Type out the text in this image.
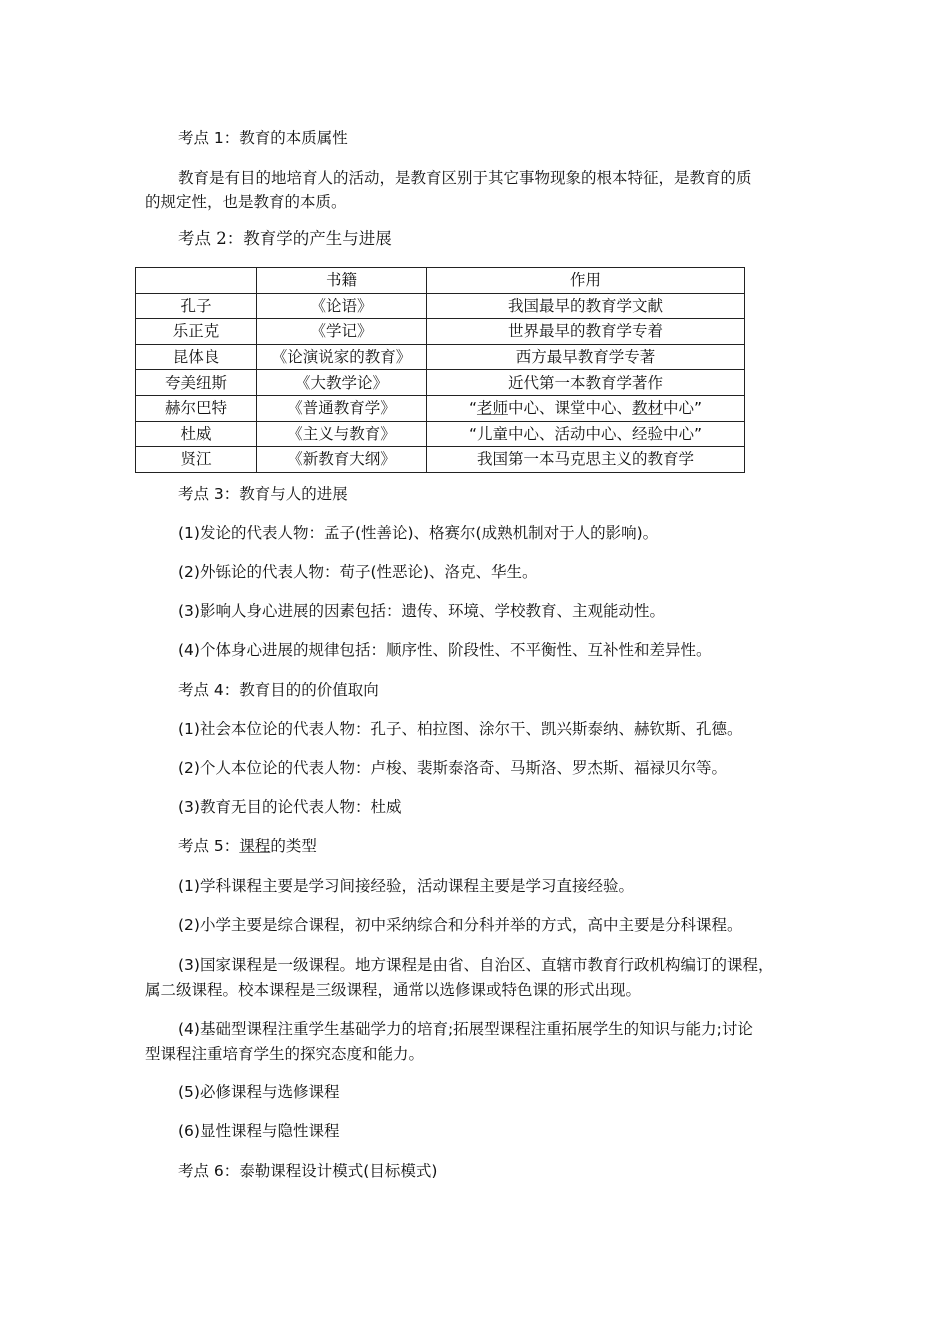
考点 1：教育的本质属性
教育是有目的地培育人的活动，是教育区别于其它事物现象的根本特征，是教育的质
的规定性，也是教育的本质。
考点 2：教育学的产生与进展
	书籍	作用
孔子	《论语》	我国最早的教育学文献
乐正克	《学记》	世界最早的教育学专着
昆体良	《论演说家的教育》	西方最早教育学专著
夸美纽斯	《大教学论》	近代第一本教育学著作
赫尔巴特	《普通教育学》	“老师中心、课堂中心、教材中心”
杜威	《主义与教育》	“儿童中心、活动中心、经验中心”
贤江	《新教育大纲》	我国第一本马克思主义的教育学
考点 3：教育与人的进展
(1)发论的代表人物：孟子(性善论)、格赛尔(成熟机制对于人的影响)。
(2)外铄论的代表人物：荀子(性恶论)、洛克、华生。
(3)影响人身心进展的因素包括：遗传、环境、学校教育、主观能动性。
(4)个体身心进展的规律包括：顺序性、阶段性、不平衡性、互补性和差异性。
考点 4：教育目的的价值取向
(1)社会本位论的代表人物：孔子、柏拉图、涂尔干、凯兴斯泰纳、赫钦斯、孔德。
(2)个人本位论的代表人物：卢梭、裴斯泰洛奇、马斯洛、罗杰斯、福禄贝尔等。
(3)教育无目的论代表人物：杜威
考点 5：课程的类型
(1)学科课程主要是学习间接经验，活动课程主要是学习直接经验。
(2)小学主要是综合课程，初中采纳综合和分科并举的方式，高中主要是分科课程。
(3)国家课程是一级课程。地方课程是由省、自治区、直辖市教育行政机构编订的课程，
属二级课程。校本课程是三级课程，通常以选修课或特色课的形式出现。
(4)基础型课程注重学生基础学力的培育;拓展型课程注重拓展学生的知识与能力;讨论
型课程注重培育学生的探究态度和能力。
(5)必修课程与选修课程
(6)显性课程与隐性课程
考点 6：泰勒课程设计模式(目标模式)
